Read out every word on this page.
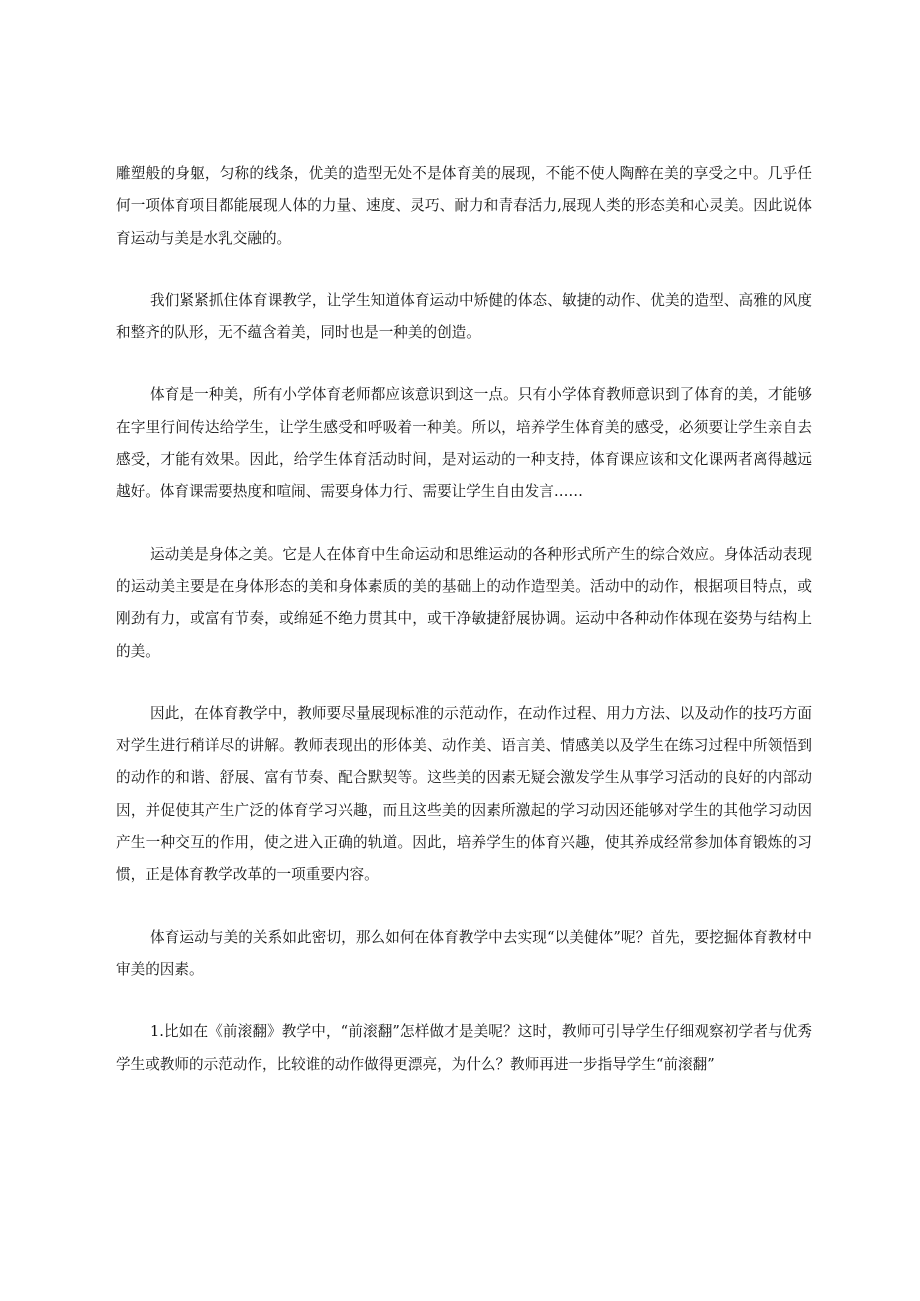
雕塑般的身躯，匀称的线条，优美的造型无处不是体育美的展现，不能不使人陶醉在美的享受之中。几乎任何一项体育项目都能展现人体的力量、速度、灵巧、耐力和青春活力,展现人类的形态美和心灵美。因此说体育运动与美是水乳交融的。

我们紧紧抓住体育课教学，让学生知道体育运动中矫健的体态、敏捷的动作、优美的造型、高雅的风度和整齐的队形，无不蕴含着美，同时也是一种美的创造。

体育是一种美，所有小学体育老师都应该意识到这一点。只有小学体育教师意识到了体育的美，才能够在字里行间传达给学生，让学生感受和呼吸着一种美。所以，培养学生体育美的感受，必须要让学生亲自去感受，才能有效果。因此，给学生体育活动时间，是对运动的一种支持，体育课应该和文化课两者离得越远越好。体育课需要热度和喧闹、需要身体力行、需要让学生自由发言……

运动美是身体之美。它是人在体育中生命运动和思维运动的各种形式所产生的综合效应。身体活动表现的运动美主要是在身体形态的美和身体素质的美的基础上的动作造型美。活动中的动作，根据项目特点，或刚劲有力，或富有节奏，或绵延不绝力贯其中，或干净敏捷舒展协调。运动中各种动作体现在姿势与结构上的美。

因此，在体育教学中，教师要尽量展现标准的示范动作，在动作过程、用力方法、以及动作的技巧方面对学生进行稍详尽的讲解。教师表现出的形体美、动作美、语言美、情感美以及学生在练习过程中所领悟到的动作的和谐、舒展、富有节奏、配合默契等。这些美的因素无疑会激发学生从事学习活动的良好的内部动因，并促使其产生广泛的体育学习兴趣，而且这些美的因素所激起的学习动因还能够对学生的其他学习动因产生一种交互的作用，使之进入正确的轨道。因此，培养学生的体育兴趣，使其养成经常参加体育锻炼的习惯，正是体育教学改革的一项重要内容。

体育运动与美的关系如此密切，那么如何在体育教学中去实现“以美健体”呢？首先，要挖掘体育教材中审美的因素。

1.比如在《前滚翻》教学中，“前滚翻”怎样做才是美呢？这时，教师可引导学生仔细观察初学者与优秀学生或教师的示范动作，比较谁的动作做得更漂亮，为什么？教师再进一步指导学生“前滚翻”
